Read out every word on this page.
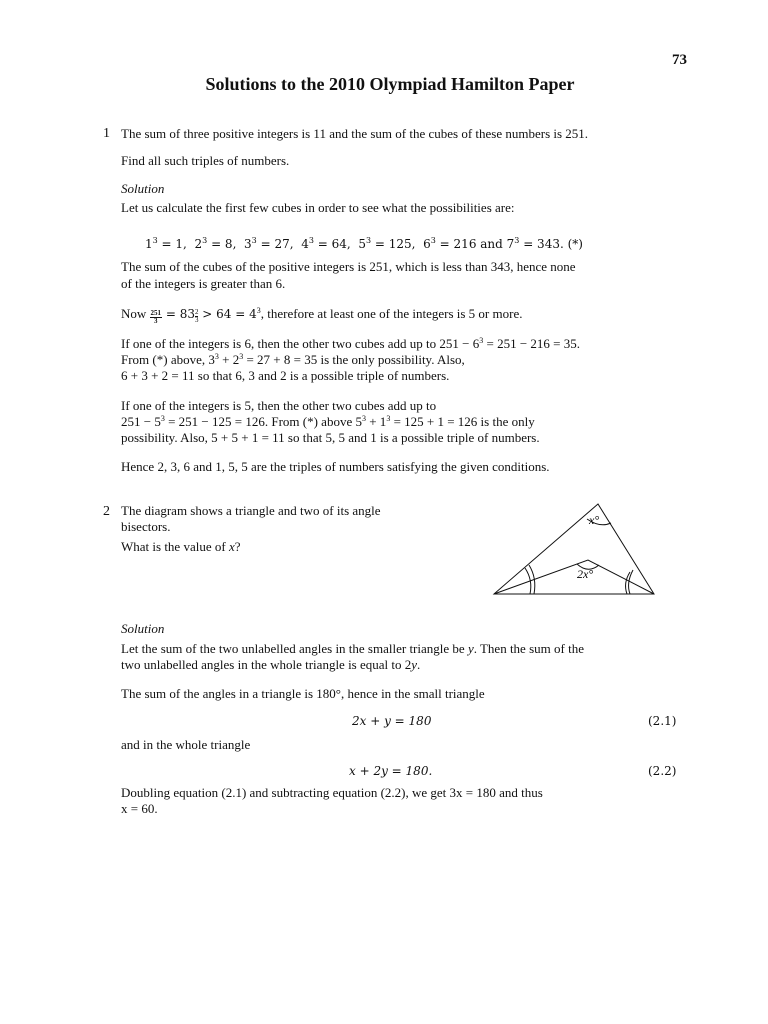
73
Solutions to the 2010 Olympiad Hamilton Paper
1 The sum of three positive integers is 11 and the sum of the cubes of these numbers is 251.
Find all such triples of numbers.
Solution
Let us calculate the first few cubes in order to see what the possibilities are:
$1^3 = 1$, $2^3 = 8$, $3^3 = 27$, $4^3 = 64$, $5^3 = 125$, $6^3 = 216$ and $7^3 = 343$. (*)
The sum of the cubes of the positive integers is 251, which is less than 343, hence none
of the integers is greater than 6.
Now $\frac{251}{3} = 83 \frac{2}{3} > 64 = 4^3$, therefore at least one of the integers is 5 or more.
If one of the integers is 6, then the other two cubes add up to $251 - 6^3 = 251 - 216 = 35$.
From (*) above, $3^3 + 2^3 = 27 + 8 = 35$ is the only possibility. Also,
6 + 3 + 2 = 11 so that 6, 3 and 2 is a possible triple of numbers.
If one of the integers is 5, then the other two cubes add up to
$251 - 5^3 = 251 - 125 = 126$. From (*) above $5^3 + 1^3 = 125 + 1 = 126$ is the only
possibility. Also, 5 + 5 + 1 = 11 so that 5, 5 and 1 is a possible triple of numbers.
Hence 2, 3, 6 and 1, 5, 5 are the triples of numbers satisfying the given conditions.
2 The diagram shows a triangle and two of its angle
bisectors.
What is the value of x?
x°
2x°
Solution
Let the sum of the two unlabelled angles in the smaller triangle be y. Then the sum of the
two unlabelled angles in the whole triangle is equal to 2y.
The sum of the angles in a triangle is 180°, hence in the small triangle
2x + y = 180	(2.1)
and in the whole triangle
x + 2y = 180.	(2.2)
Doubling equation (2.1) and subtracting equation (2.2), we get 3x = 180 and thus
x = 60.
